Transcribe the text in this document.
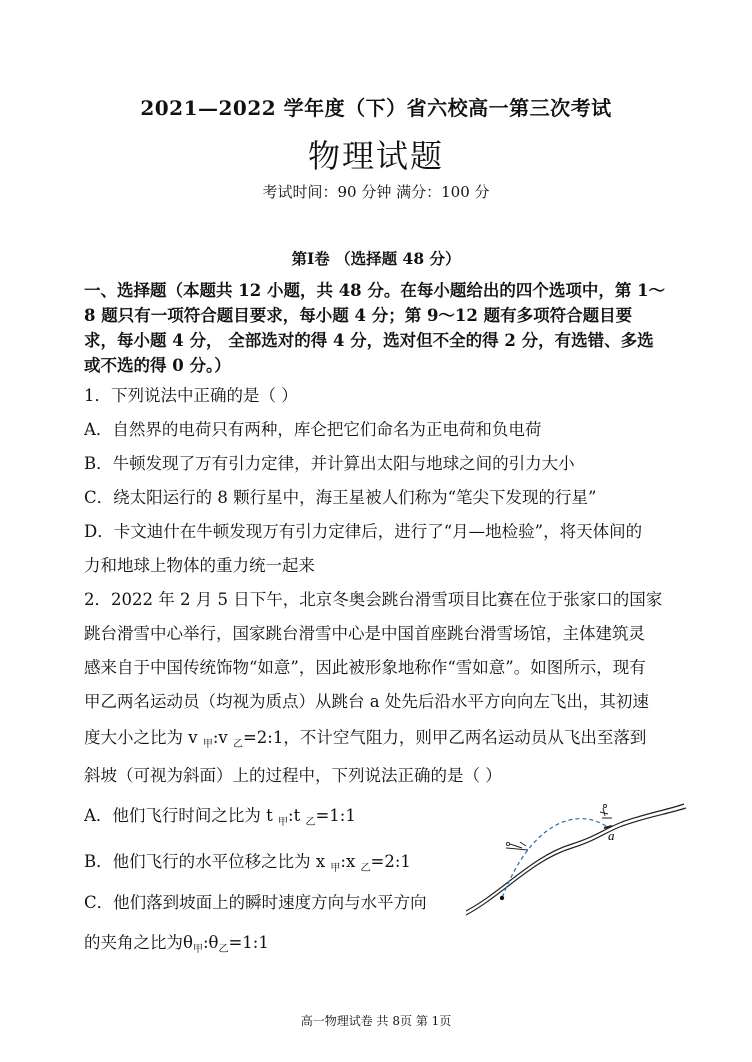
2021—2022 学年度（下）省六校高一第三次考试
物理试题
考试时间：90 分钟 满分：100 分
第Ⅰ卷 （选择题 48 分）
一、选择题（本题共 12 小题，共 48 分。在每小题给出的四个选项中，第 1～
8 题只有一项符合题目要求，每小题 4 分；第 9～12 题有多项符合题目要
求，每小题 4 分， 全部选对的得 4 分，选对但不全的得 2 分，有选错、多选
或不选的得 0 分。）
1．下列说法中正确的是（ ）
A．自然界的电荷只有两种，库仑把它们命名为正电荷和负电荷
B．牛顿发现了万有引力定律，并计算出太阳与地球之间的引力大小
C．绕太阳运行的 8 颗行星中，海王星被人们称为“笔尖下发现的行星”
D．卡文迪什在牛顿发现万有引力定律后，进行了“月—地检验”，将天体间的
力和地球上物体的重力统一起来
2．2022 年 2 月 5 日下午，北京冬奥会跳台滑雪项目比赛在位于张家口的国家
跳台滑雪中心举行，国家跳台滑雪中心是中国首座跳台滑雪场馆，主体建筑灵
感来自于中国传统饰物“如意”，因此被形象地称作“雪如意”。如图所示，现有
甲乙两名运动员（均视为质点）从跳台 a 处先后沿水平方向向左飞出，其初速
度大小之比为 v $_甲$:v $_乙$=2:1，不计空气阻力，则甲乙两名运动员从飞出至落到
斜坡（可视为斜面）上的过程中，下列说法正确的是（ ）
A．他们飞行时间之比为 t $_甲$:t $_乙$=1:1
B．他们飞行的水平位移之比为 x $_甲$:x $_乙$=2:1
C．他们落到坡面上的瞬时速度方向与水平方向
的夹角之比为$\theta_甲:\theta_乙=1:1$
a
高一物理试卷 共 8页 第 1页
